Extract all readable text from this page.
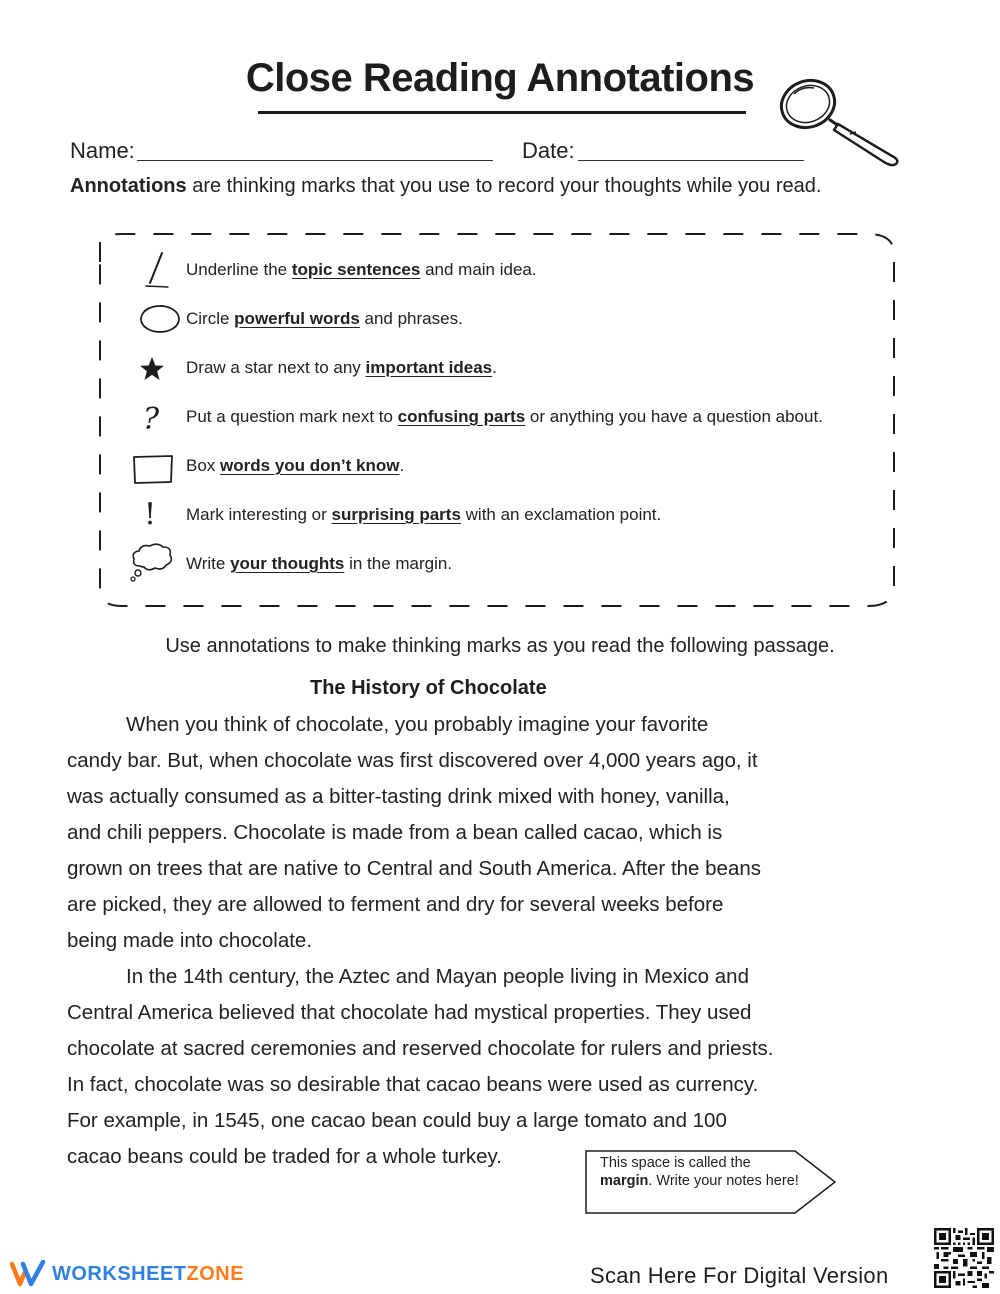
Close Reading Annotations
Name:	Date:
Annotations are thinking marks that you use to record your thoughts while you read.
?
!
Underline the topic sentences and main idea.
Circle powerful words and phrases.
Draw a star next to any important ideas.
Put a question mark next to confusing parts or anything you have a question about.
Box words you don’t know.
Mark interesting or surprising parts with an exclamation point.
Write your thoughts in the margin.
Use annotations to make thinking marks as you read the following passage.
The History of Chocolate
When you think of chocolate, you probably imagine your favorite
candy bar. But, when chocolate was first discovered over 4,000 years ago, it
was actually consumed as a bitter-tasting drink mixed with honey, vanilla,
and chili peppers. Chocolate is made from a bean called cacao, which is
grown on trees that are native to Central and South America. After the beans
are picked, they are allowed to ferment and dry for several weeks before
being made into chocolate.
In the 14th century, the Aztec and Mayan people living in Mexico and
Central America believed that chocolate had mystical properties. They used
chocolate at sacred ceremonies and reserved chocolate for rulers and priests.
In fact, chocolate was so desirable that cacao beans were used as currency.
For example, in 1545, one cacao bean could buy a large tomato and 100
cacao beans could be traded for a whole turkey.	This space is called the margin. Write your notes here!
WORKSHEETZONE	Scan Here For Digital Version
